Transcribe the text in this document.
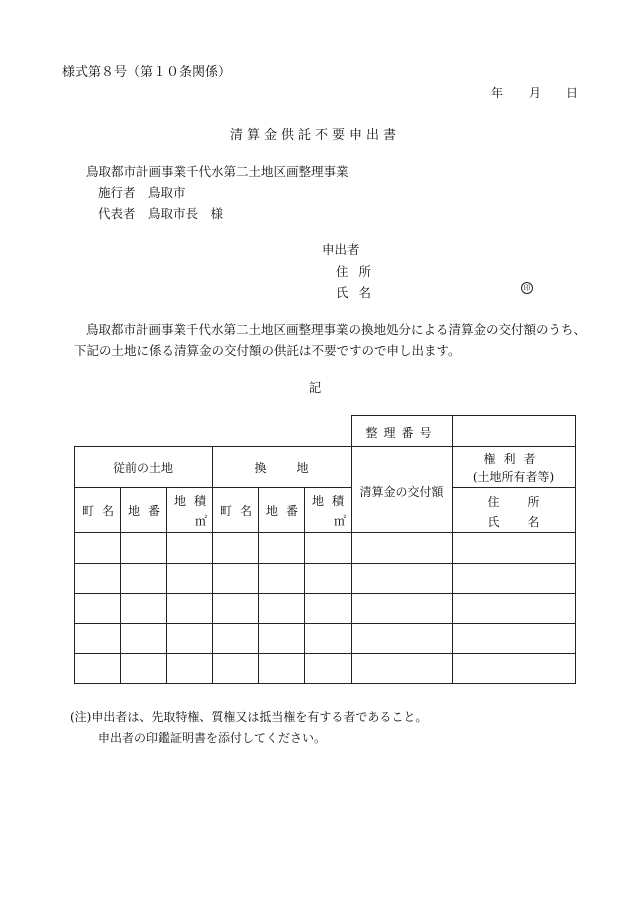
様式第８号（第１０条関係）
年 月 日
清算金供託不要申出書
鳥取都市計画事業千代水第二土地区画整理事業
施行者　鳥取市
代表者　鳥取市長　様
申出者
住所
氏名	印
鳥取都市計画事業千代水第二土地区画整理事業の換地処分による清算金の交付額のうち、
下記の土地に係る清算金の交付額の供託は不要ですので申し出ます。
記
整理番号
従前の土地	換地
清算金の交付額
権利者
(土地所有者等)
住所
氏名
町名 地番
地積
㎡
町名 地番
地積
㎡
(注)申出者は、先取特権、質権又は抵当権を有する者であること。
申出者の印鑑証明書を添付してください。
